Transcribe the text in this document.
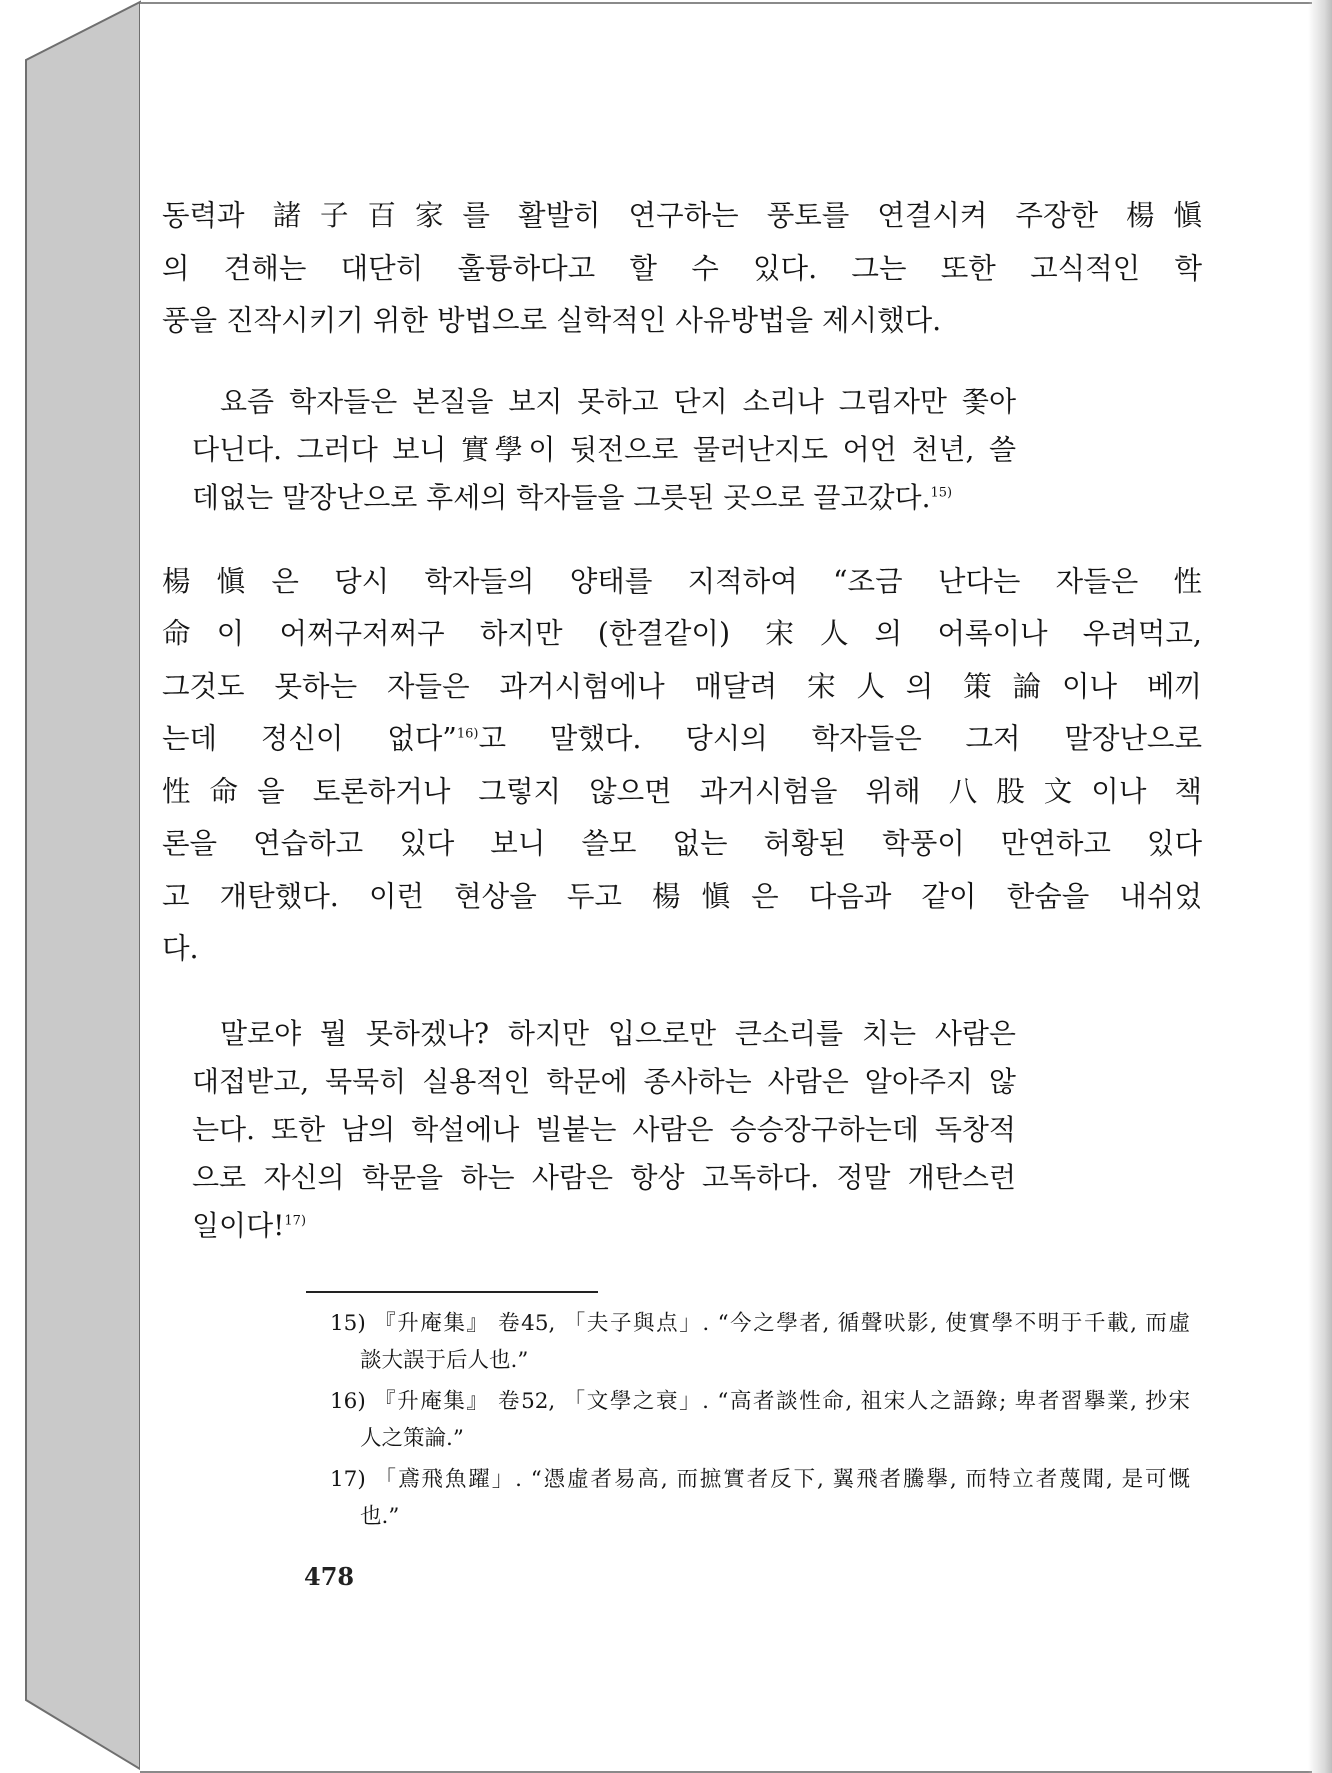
동력과 諸子百家를 활발히 연구하는 풍토를 연결시켜 주장한 楊愼
의 견해는 대단히 훌륭하다고 할 수 있다. 그는 또한 고식적인 학
풍을 진작시키기 위한 방법으로 실학적인 사유방법을 제시했다.

요즘 학자들은 본질을 보지 못하고 단지 소리나 그림자만 쫓아
다닌다. 그러다 보니 實學이 뒷전으로 물러난지도 어언 천년, 쓸
데없는 말장난으로 후세의 학자들을 그릇된 곳으로 끌고갔다.$^{15)}$

楊愼은 당시 학자들의 양태를 지적하여 “조금 난다는 자들은 性
命이 어쩌구저쩌구 하지만 (한결같이) 宋人의 어록이나 우려먹고,
그것도 못하는 자들은 과거시험에나 매달려 宋人의 策論이나 베끼
는데 정신이 없다”$^{16)}$고 말했다. 당시의 학자들은 그저 말장난으로
性命을 토론하거나 그렇지 않으면 과거시험을 위해 八股文이나 책
론을 연습하고 있다 보니 쓸모 없는 허황된 학풍이 만연하고 있다
고 개탄했다. 이런 현상을 두고 楊愼은 다음과 같이 한숨을 내쉬었
다.

말로야 뭘 못하겠나? 하지만 입으로만 큰소리를 치는 사람은
대접받고, 묵묵히 실용적인 학문에 종사하는 사람은 알아주지 않
는다. 또한 남의 학설에나 빌붙는 사람은 승승장구하는데 독창적
으로 자신의 학문을 하는 사람은 항상 고독하다. 정말 개탄스런
일이다!$^{17)}$

15) 『升庵集』 卷45, 「夫子與点」. “今之學者, 循聲吠影, 使實學不明于千載, 而虛
談大誤于后人也.”

16) 『升庵集』 卷52, 「文學之衰」. “高者談性命, 祖宋人之語錄; 卑者習擧業, 抄宋
人之策論.”

17) 「鳶飛魚躍」. “憑虛者易高, 而摭實者反下, 翼飛者騰擧, 而特立者蔑聞, 是可慨
也.”

478
